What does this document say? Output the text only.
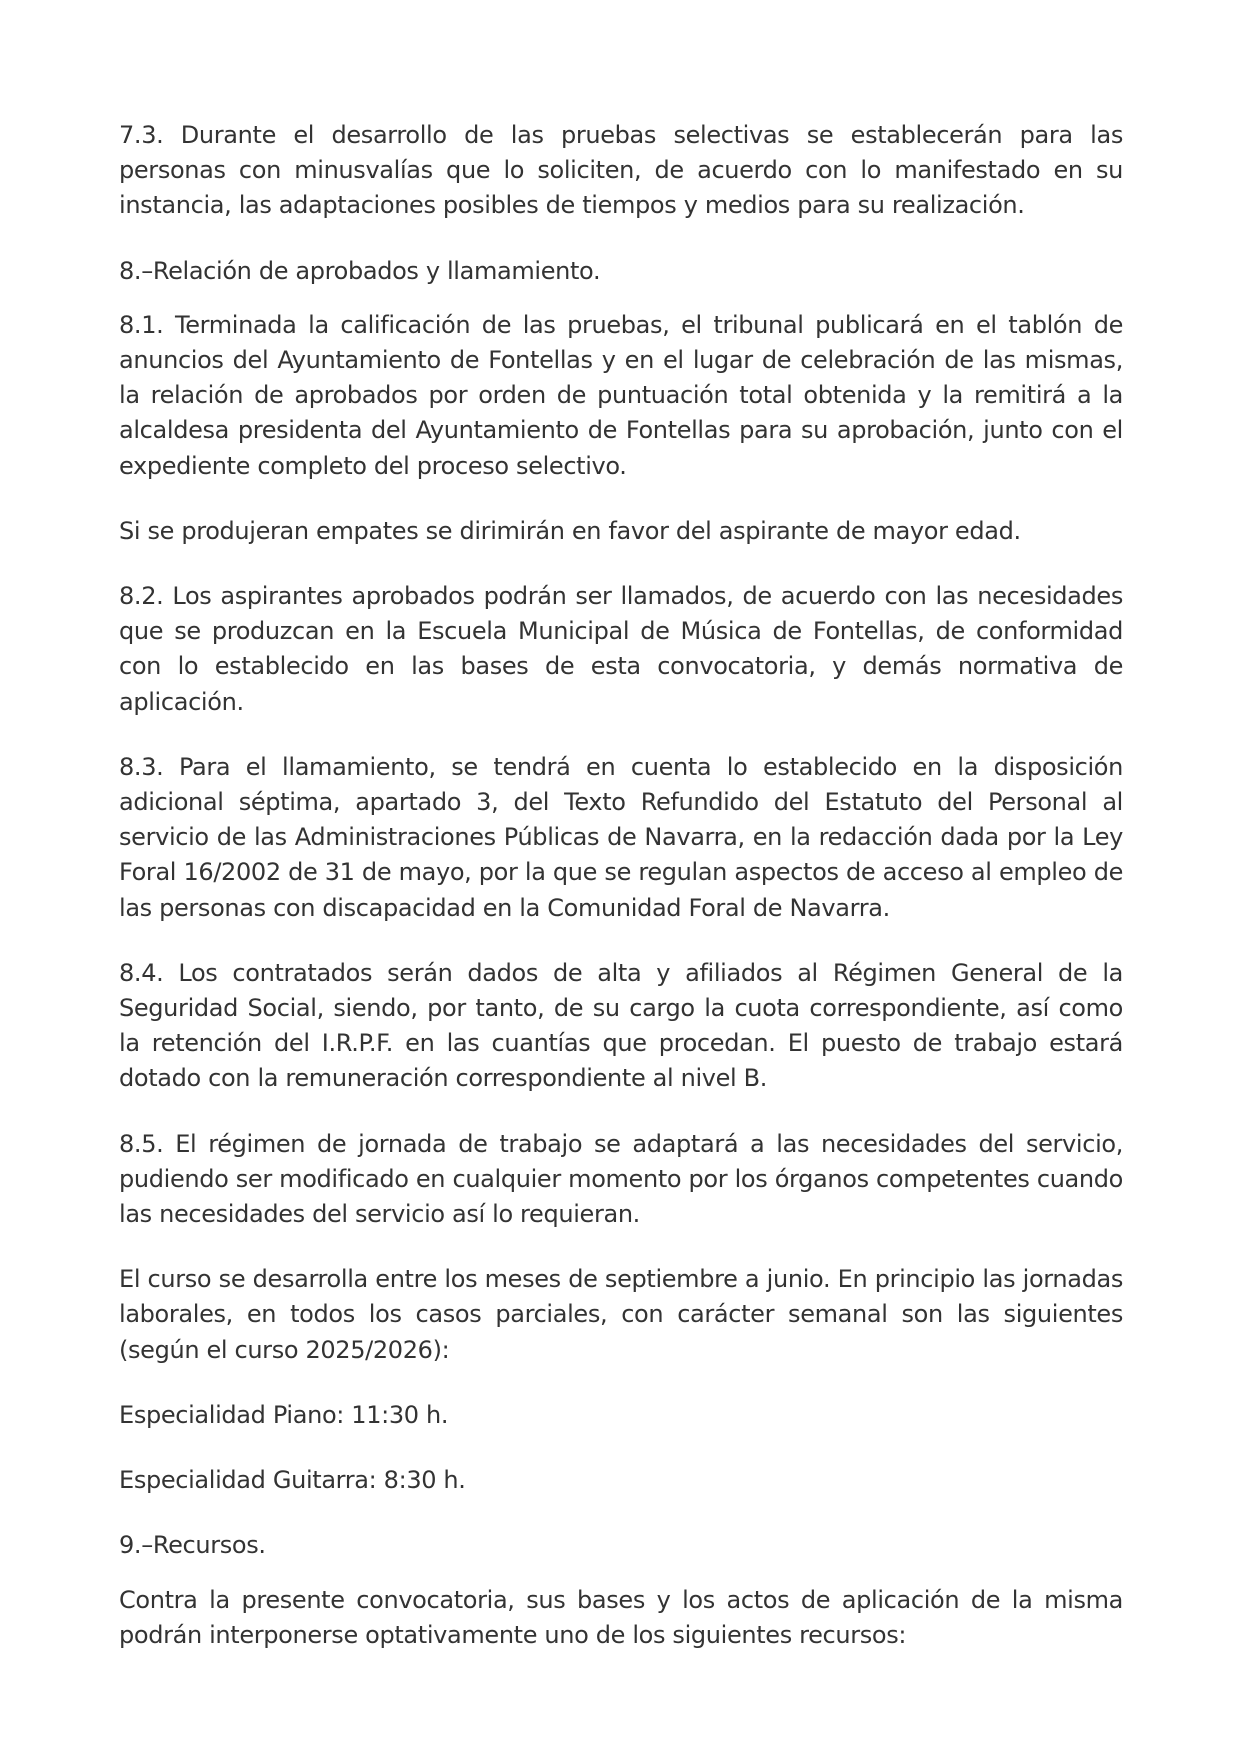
7.3. Durante el desarrollo de las pruebas selectivas se establecerán para las personas con minusvalías que lo soliciten, de acuerdo con lo manifestado en su instancia, las adaptaciones posibles de tiempos y medios para su realización.

8.–Relación de aprobados y llamamiento.

8.1. Terminada la calificación de las pruebas, el tribunal publicará en el tablón de anuncios del Ayuntamiento de Fontellas y en el lugar de celebración de las mismas, la relación de aprobados por orden de puntuación total obtenida y la remitirá a la alcaldesa presidenta del Ayuntamiento de Fontellas para su aprobación, junto con el expediente completo del proceso selectivo.

Si se produjeran empates se dirimirán en favor del aspirante de mayor edad.

8.2. Los aspirantes aprobados podrán ser llamados, de acuerdo con las necesidades que se produzcan en la Escuela Municipal de Música de Fontellas, de conformidad con lo establecido en las bases de esta convocatoria, y demás normativa de aplicación.

8.3. Para el llamamiento, se tendrá en cuenta lo establecido en la disposición adicional séptima, apartado 3, del Texto Refundido del Estatuto del Personal al servicio de las Administraciones Públicas de Navarra, en la redacción dada por la Ley Foral 16/2002 de 31 de mayo, por la que se regulan aspectos de acceso al empleo de las personas con discapacidad en la Comunidad Foral de Navarra.

8.4. Los contratados serán dados de alta y afiliados al Régimen General de la Seguridad Social, siendo, por tanto, de su cargo la cuota correspondiente, así como la retención del I.R.P.F. en las cuantías que procedan. El puesto de trabajo estará dotado con la remuneración correspondiente al nivel B.

8.5. El régimen de jornada de trabajo se adaptará a las necesidades del servicio, pudiendo ser modificado en cualquier momento por los órganos competentes cuando las necesidades del servicio así lo requieran.

El curso se desarrolla entre los meses de septiembre a junio. En principio las jornadas laborales, en todos los casos parciales, con carácter semanal son las siguientes (según el curso 2025/2026):

Especialidad Piano: 11:30 h.

Especialidad Guitarra: 8:30 h.

9.–Recursos.

Contra la presente convocatoria, sus bases y los actos de aplicación de la misma podrán interponerse optativamente uno de los siguientes recursos:
